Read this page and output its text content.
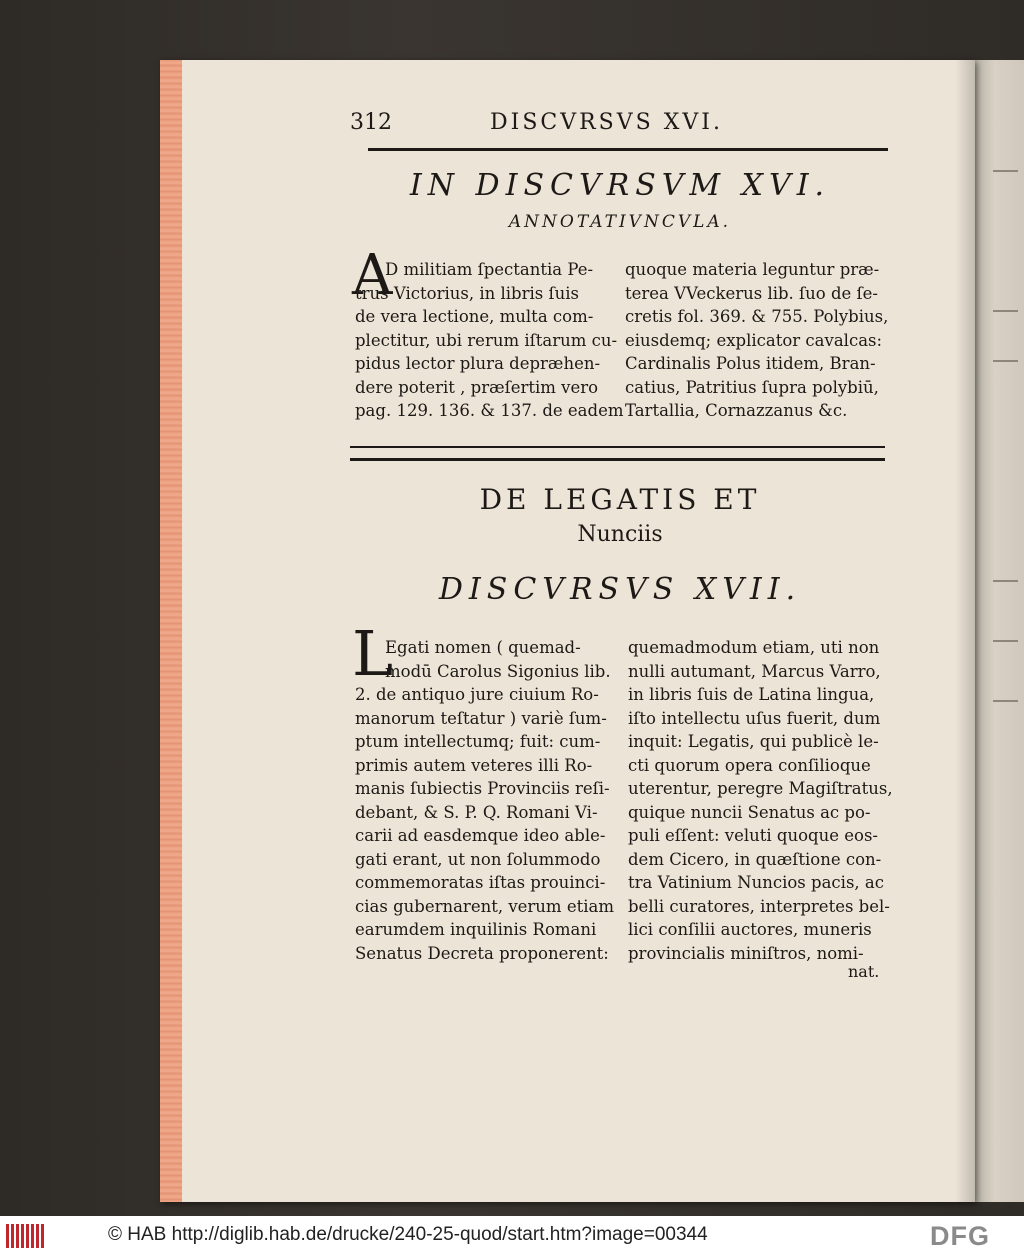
312	DISCVRSVS XVI.
IN DISCVRSVM XVI.
ANNOTATIVNCVLA.
A
D militiam ſpectantia Pe-
trus Victorius, in libris ſuis
de vera lectione, multa com-
plectitur, ubi rerum iſtarum cu-
pidus lector plura depræhen-
dere poterit , præſertim vero
pag. 129. 136. & 137. de eadem
quoque materia leguntur præ-
terea VVeckerus lib. ſuo de ſe-
cretis fol. 369. & 755. Polybius,
eiusdemq; explicator cavalcas:
Cardinalis Polus itidem, Bran-
catius, Patritius ſupra polybiū,
Tartallia, Cornazzanus &c.
DE LEGATIS ET
Nunciis
DISCVRSVS XVII.
L
Egati nomen ( quemad-
modū Carolus Sigonius lib.
2. de antiquo jure ciuium Ro-
manorum teſtatur ) variè ſum-
ptum intellectumq; fuit: cum-
primis autem veteres illi Ro-
manis ſubiectis Provinciis reſi-
debant, & S. P. Q. Romani Vi-
carii ad easdemque ideo able-
gati erant, ut non ſolummodo
commemoratas iſtas prouinci-
cias gubernarent, verum etiam
earumdem inquilinis Romani
Senatus Decreta proponerent:
quemadmodum etiam, uti non
nulli autumant, Marcus Varro,
in libris ſuis de Latina lingua,
iſto intellectu uſus fuerit, dum
inquit: Legatis, qui publicè le-
cti quorum opera conſilioque
uterentur, peregre Magiſtratus,
quique nuncii Senatus ac po-
puli eſſent: veluti quoque eos-
dem Cicero, in quæſtione con-
tra Vatinium Nuncios pacis, ac
belli curatores, interpretes bel-
lici conſilii auctores, muneris
provincialis miniſtros, nomi-
nat.
© HAB http://diglib.hab.de/drucke/240-25-quod/start.htm?image=00344	DFG
